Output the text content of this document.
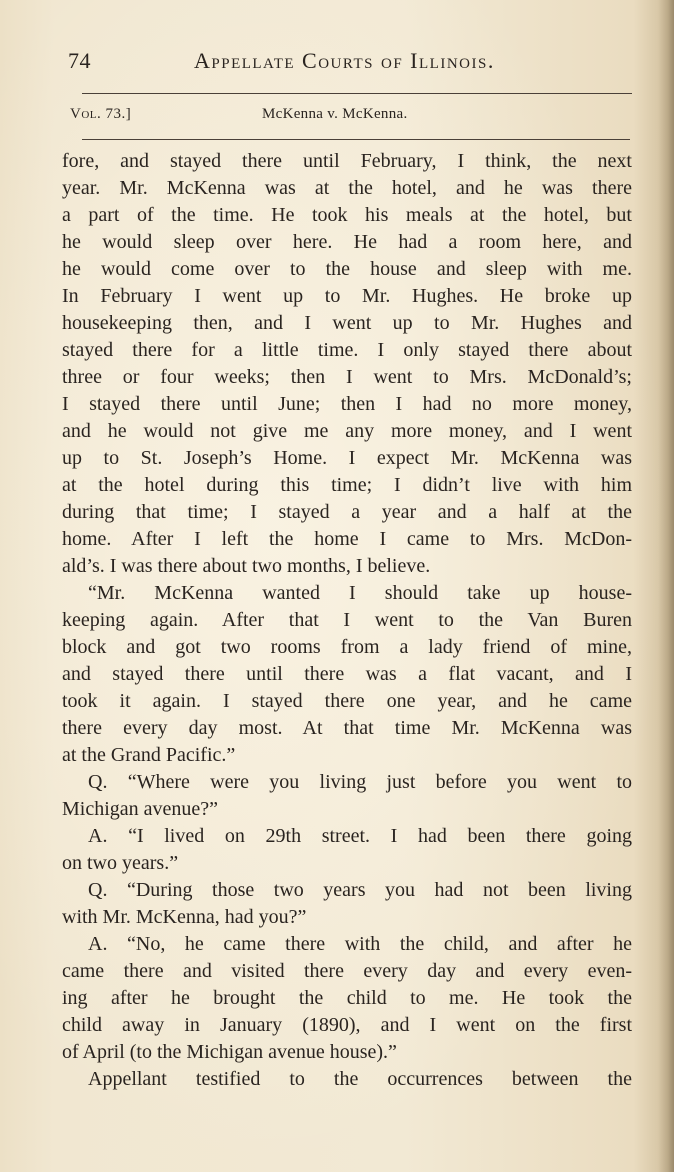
74	Appellate Courts of Illinois.
Vol. 73.]	McKenna v. McKenna.
fore, and stayed there until February, I think, the next
year. Mr. McKenna was at the hotel, and he was there
a part of the time. He took his meals at the hotel, but
he would sleep over here. He had a room here, and
he would come over to the house and sleep with me.
In February I went up to Mr. Hughes. He broke up
housekeeping then, and I went up to Mr. Hughes and
stayed there for a little time. I only stayed there about
three or four weeks; then I went to Mrs. McDonald’s;
I stayed there until June; then I had no more money,
and he would not give me any more money, and I went
up to St. Joseph’s Home. I expect Mr. McKenna was
at the hotel during this time; I didn’t live with him
during that time; I stayed a year and a half at the
home. After I left the home I came to Mrs. McDon-
ald’s. I was there about two months, I believe.
“Mr. McKenna wanted I should take up house-
keeping again. After that I went to the Van Buren
block and got two rooms from a lady friend of mine,
and stayed there until there was a flat vacant, and I
took it again. I stayed there one year, and he came
there every day most. At that time Mr. McKenna was
at the Grand Pacific.”
Q. “Where were you living just before you went to
Michigan avenue?”
A. “I lived on 29th street. I had been there going
on two years.”
Q. “During those two years you had not been living
with Mr. McKenna, had you?”
A. “No, he came there with the child, and after he
came there and visited there every day and every even-
ing after he brought the child to me. He took the
child away in January (1890), and I went on the first
of April (to the Michigan avenue house).”
Appellant testified to the occurrences between the
